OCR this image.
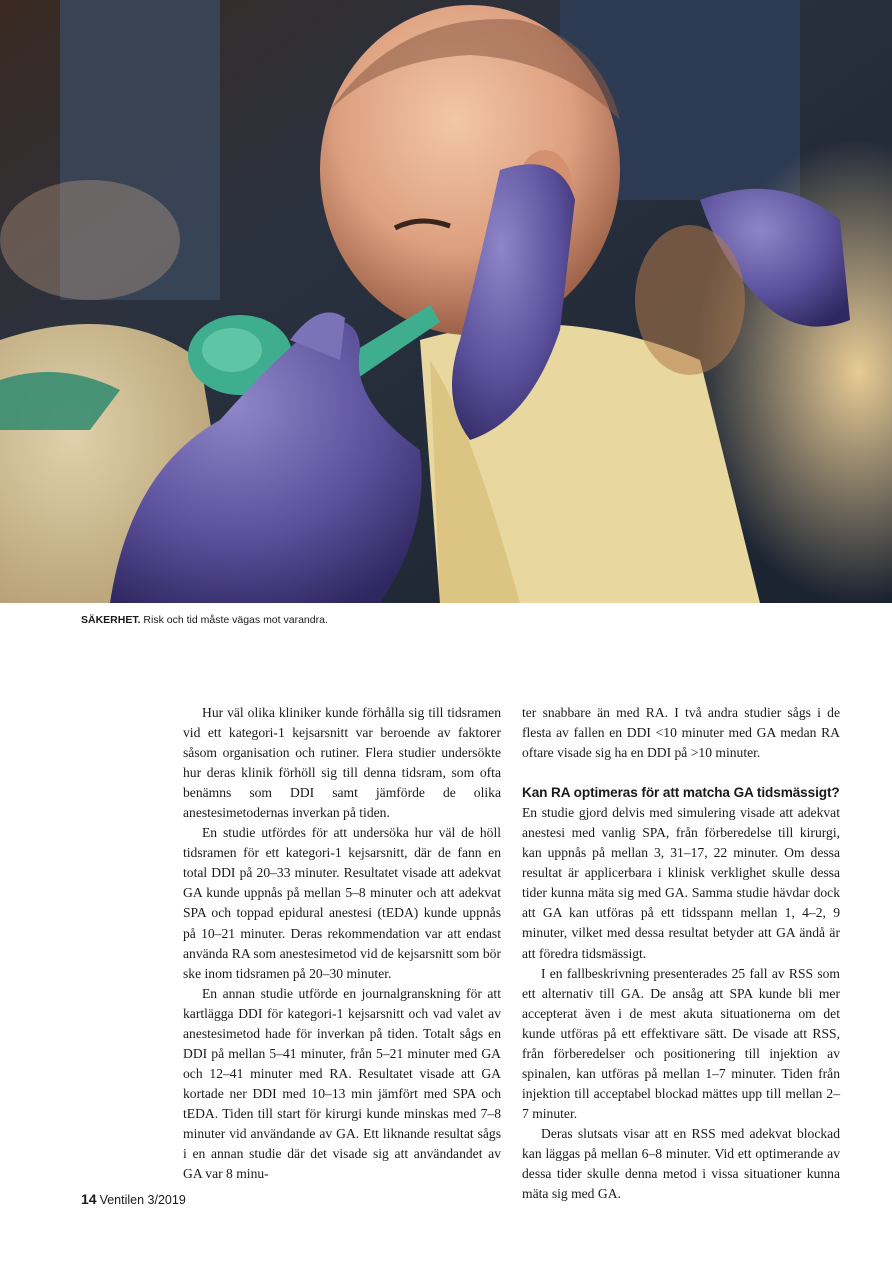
SÄKERHET. Risk och tid måste vägas mot varandra.

Hur väl olika kliniker kunde förhålla sig till tidsramen vid ett kategori-1 kejsarsnitt var beroende av faktorer såsom organisation och rutiner. Flera studier undersökte hur deras klinik förhöll sig till denna tidsram, som ofta benämns som DDI samt jämförde de olika anestesimetodernas inverkan på tiden.

En studie utfördes för att undersöka hur väl de höll tidsramen för ett kategori-1 kejsarsnitt, där de fann en total DDI på 20–33 minuter. Resultatet visade att adekvat GA kunde uppnås på mellan 5–8 minuter och att adekvat SPA och toppad epidural anestesi (tEDA) kunde uppnås på 10–21 minuter. Deras rekommendation var att endast använda RA som anestesimetod vid de kejsarsnitt som bör ske inom tidsramen på 20–30 minuter.

En annan studie utförde en journalgranskning för att kartlägga DDI för kategori-1 kejsarsnitt och vad valet av anestesimetod hade för inverkan på tiden. Totalt sågs en DDI på mellan 5–41 minuter, från 5–21 minuter med GA och 12–41 minuter med RA. Resultatet visade att GA kortade ner DDI med 10–13 min jämfört med SPA och tEDA. Tiden till start för kirurgi kunde minskas med 7–8 minuter vid användande av GA. Ett liknande resultat sågs i en annan studie där det visade sig att användandet av GA var 8 minu-

ter snabbare än med RA. I två andra studier sågs i de flesta av fallen en DDI <10 minuter med GA medan RA oftare visade sig ha en DDI på >10 minuter.

Kan RA optimeras för att matcha GA tidsmässigt?

En studie gjord delvis med simulering visade att adekvat anestesi med vanlig SPA, från förberedelse till kirurgi, kan uppnås på mellan 3, 31–17, 22 minuter. Om dessa resultat är applicerbara i klinisk verklighet skulle dessa tider kunna mäta sig med GA. Samma studie hävdar dock att GA kan utföras på ett tidsspann mellan 1, 4–2, 9 minuter, vilket med dessa resultat betyder att GA ändå är att föredra tidsmässigt.

I en fallbeskrivning presenterades 25 fall av RSS som ett alternativ till GA. De ansåg att SPA kunde bli mer accepterat även i de mest akuta situationerna om det kunde utföras på ett effektivare sätt. De visade att RSS, från förberedelser och positionering till injektion av spinalen, kan utföras på mellan 1–7 minuter. Tiden från injektion till acceptabel blockad mättes upp till mellan 2–7 minuter.

Deras slutsats visar att en RSS med adekvat blockad kan läggas på mellan 6–8 minuter. Vid ett optimerande av dessa tider skulle denna metod i vissa situationer kunna mäta sig med GA.

14 Ventilen 3/2019
